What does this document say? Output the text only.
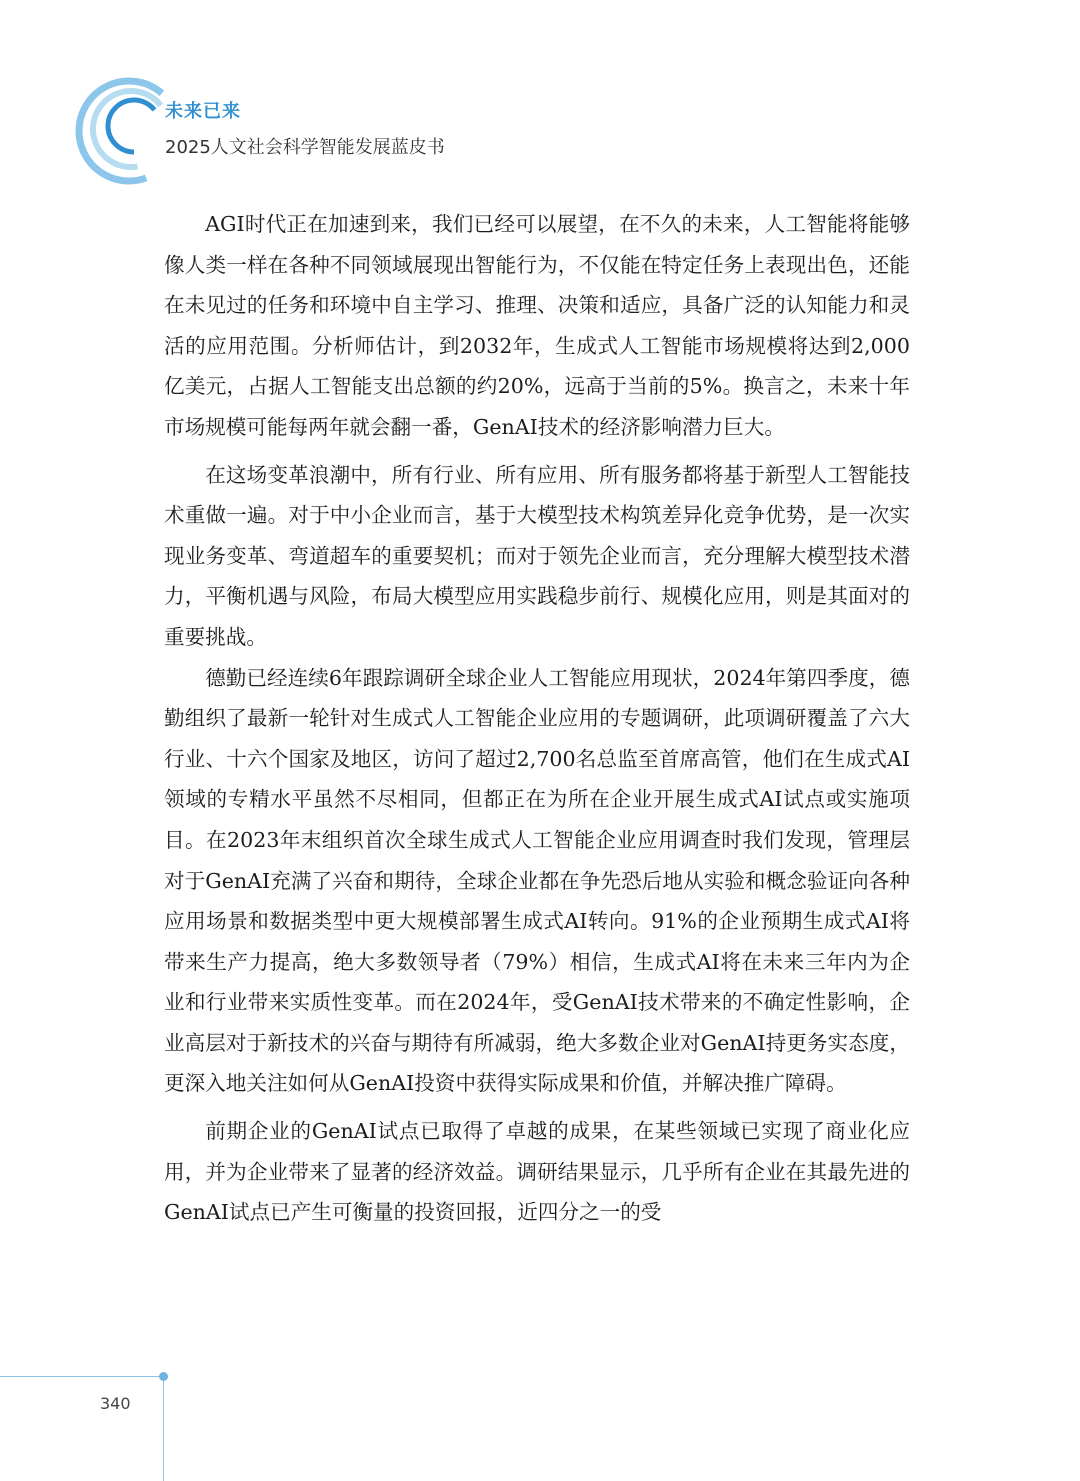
未来已来
2025人文社会科学智能发展蓝皮书

AGI时代正在加速到来，我们已经可以展望，在不久的未来，人工智能将能够像人类一样在各种不同领域展现出智能行为，不仅能在特定任务上表现出色，还能在未见过的任务和环境中自主学习、推理、决策和适应，具备广泛的认知能力和灵活的应用范围。分析师估计，到2032年，生成式人工智能市场规模将达到2,000亿美元，占据人工智能支出总额的约20%，远高于当前的5%。换言之，未来十年市场规模可能每两年就会翻一番，GenAI技术的经济影响潜力巨大。

在这场变革浪潮中，所有行业、所有应用、所有服务都将基于新型人工智能技术重做一遍。对于中小企业而言，基于大模型技术构筑差异化竞争优势，是一次实现业务变革、弯道超车的重要契机；而对于领先企业而言，充分理解大模型技术潜力，平衡机遇与风险，布局大模型应用实践稳步前行、规模化应用，则是其面对的重要挑战。

德勤已经连续6年跟踪调研全球企业人工智能应用现状，2024年第四季度，德勤组织了最新一轮针对生成式人工智能企业应用的专题调研，此项调研覆盖了六大行业、十六个国家及地区，访问了超过2,700名总监至首席高管，他们在生成式AI领域的专精水平虽然不尽相同，但都正在为所在企业开展生成式AI试点或实施项目。在2023年末组织首次全球生成式人工智能企业应用调查时我们发现，管理层对于GenAI充满了兴奋和期待，全球企业都在争先恐后地从实验和概念验证向各种应用场景和数据类型中更大规模部署生成式AI转向。91%的企业预期生成式AI将带来生产力提高，绝大多数领导者（79%）相信，生成式AI将在未来三年内为企业和行业带来实质性变革。而在2024年，受GenAI技术带来的不确定性影响，企业高层对于新技术的兴奋与期待有所减弱，绝大多数企业对GenAI持更务实态度，更深入地关注如何从GenAI投资中获得实际成果和价值，并解决推广障碍。

前期企业的GenAI试点已取得了卓越的成果，在某些领域已实现了商业化应用，并为企业带来了显著的经济效益。调研结果显示，几乎所有企业在其最先进的GenAI试点已产生可衡量的投资回报，近四分之一的受

340
